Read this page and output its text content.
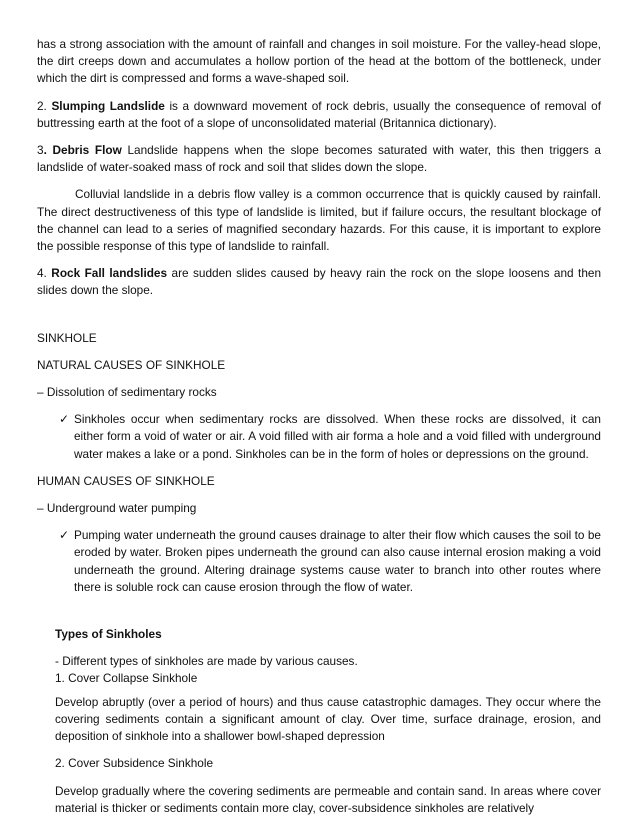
has a strong association with the amount of rainfall and changes in soil moisture. For the valley-head slope, the dirt creeps down and accumulates a hollow portion of the head at the bottom of the bottleneck, under which the dirt is compressed and forms a wave-shaped soil.

2. Slumping Landslide is a downward movement of rock debris, usually the consequence of removal of buttressing earth at the foot of a slope of unconsolidated material (Britannica dictionary).

3. Debris Flow Landslide happens when the slope becomes saturated with water, this then triggers a landslide of water-soaked mass of rock and soil that slides down the slope.

Colluvial landslide in a debris flow valley is a common occurrence that is quickly caused by rainfall. The direct destructiveness of this type of landslide is limited, but if failure occurs, the resultant blockage of the channel can lead to a series of magnified secondary hazards. For this cause, it is important to explore the possible response of this type of landslide to rainfall.

4. Rock Fall landslides are sudden slides caused by heavy rain the rock on the slope loosens and then slides down the slope.

SINKHOLE

NATURAL CAUSES OF SINKHOLE

– Dissolution of sedimentary rocks

✓ Sinkholes occur when sedimentary rocks are dissolved. When these rocks are dissolved, it can either form a void of water or air. A void filled with air forma a hole and a void filled with underground water makes a lake or a pond. Sinkholes can be in the form of holes or depressions on the ground.

HUMAN CAUSES OF SINKHOLE

– Underground water pumping

✓ Pumping water underneath the ground causes drainage to alter their flow which causes the soil to be eroded by water. Broken pipes underneath the ground can also cause internal erosion making a void underneath the ground. Altering drainage systems cause water to branch into other routes where there is soluble rock can cause erosion through the flow of water.

Types of Sinkholes

- Different types of sinkholes are made by various causes.
1. Cover Collapse Sinkhole

Develop abruptly (over a period of hours) and thus cause catastrophic damages. They occur where the covering sediments contain a significant amount of clay. Over time, surface drainage, erosion, and deposition of sinkhole into a shallower bowl-shaped depression

2. Cover Subsidence Sinkhole

Develop gradually where the covering sediments are permeable and contain sand. In areas where cover material is thicker or sediments contain more clay, cover-subsidence sinkholes are relatively
